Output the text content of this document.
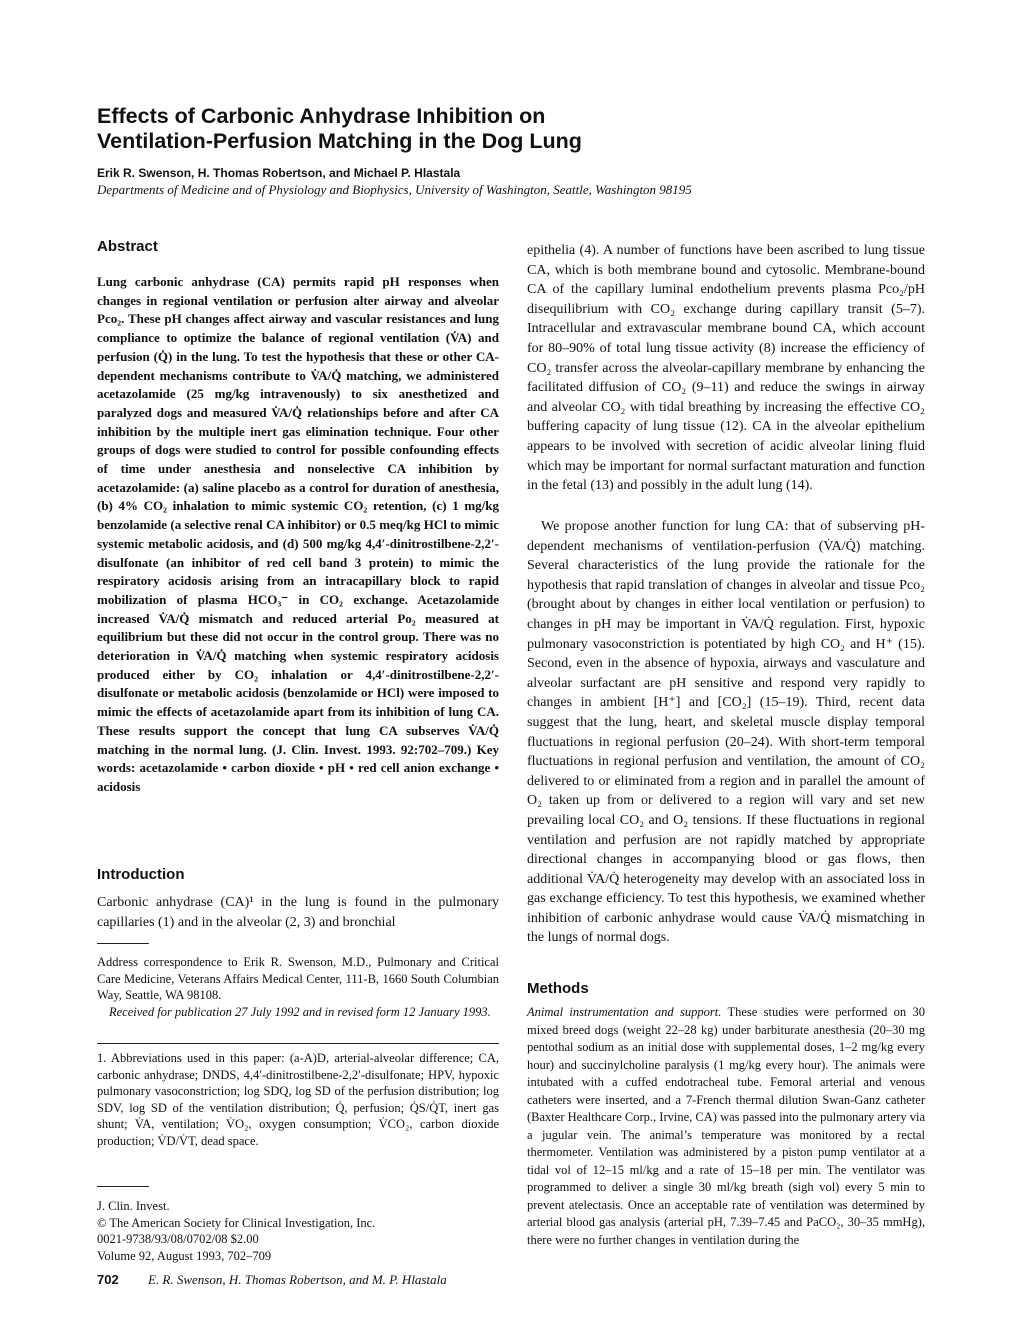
Effects of Carbonic Anhydrase Inhibition on
Ventilation-Perfusion Matching in the Dog Lung

Erik R. Swenson, H. Thomas Robertson, and Michael P. Hlastala

Departments of Medicine and of Physiology and Biophysics, University of Washington, Seattle, Washington 98195

Abstract

Lung carbonic anhydrase (CA) permits rapid pH responses when changes in regional ventilation or perfusion alter airway and alveolar Pco₂. These pH changes affect airway and vascular resistances and lung compliance to optimize the balance of regional ventilation (V̇A) and perfusion (Q̇) in the lung. To test the hypothesis that these or other CA-dependent mechanisms contribute to V̇A/Q̇ matching, we administered acetazolamide (25 mg/kg intravenously) to six anesthetized and paralyzed dogs and measured V̇A/Q̇ relationships before and after CA inhibition by the multiple inert gas elimination technique. Four other groups of dogs were studied to control for possible confounding effects of time under anesthesia and nonselective CA inhibition by acetazolamide: (a) saline placebo as a control for duration of anesthesia, (b) 4% CO₂ inhalation to mimic systemic CO₂ retention, (c) 1 mg/kg benzolamide (a selective renal CA inhibitor) or 0.5 meq/kg HCl to mimic systemic metabolic acidosis, and (d) 500 mg/kg 4,4′-dinitrostilbene-2,2′-disulfonate (an inhibitor of red cell band 3 protein) to mimic the respiratory acidosis arising from an intracapillary block to rapid mobilization of plasma HCO₃⁻ in CO₂ exchange. Acetazolamide increased V̇A/Q̇ mismatch and reduced arterial Po₂ measured at equilibrium but these did not occur in the control group. There was no deterioration in V̇A/Q̇ matching when systemic respiratory acidosis produced either by CO₂ inhalation or 4,4′-dinitrostilbene-2,2′-disulfonate or metabolic acidosis (benzolamide or HCl) were imposed to mimic the effects of acetazolamide apart from its inhibition of lung CA. These results support the concept that lung CA subserves V̇A/Q̇ matching in the normal lung. (J. Clin. Invest. 1993. 92:702–709.) Key words: acetazolamide • carbon dioxide • pH • red cell anion exchange • acidosis

Introduction

Carbonic anhydrase (CA)¹ in the lung is found in the pulmonary capillaries (1) and in the alveolar (2, 3) and bronchial

Address correspondence to Erik R. Swenson, M.D., Pulmonary and Critical Care Medicine, Veterans Affairs Medical Center, 111-B, 1660 South Columbian Way, Seattle, WA 98108.

Received for publication 27 July 1992 and in revised form 12 January 1993.

1. Abbreviations used in this paper: (a-A)D, arterial-alveolar difference; CA, carbonic anhydrase; DNDS, 4,4′-dinitrostilbene-2,2′-disulfonate; HPV, hypoxic pulmonary vasoconstriction; log SDQ, log SD of the perfusion distribution; log SDV, log SD of the ventilation distribution; Q̇, perfusion; Q̇S/Q̇T, inert gas shunt; V̇A, ventilation; V̇O₂, oxygen consumption; V̇CO₂, carbon dioxide production; V̇D/V̇T, dead space.

J. Clin. Invest.
© The American Society for Clinical Investigation, Inc.
0021-9738/93/08/0702/08 $2.00
Volume 92, August 1993, 702–709
702 E. R. Swenson, H. Thomas Robertson, and M. P. Hlastala

epithelia (4). A number of functions have been ascribed to lung tissue CA, which is both membrane bound and cytosolic. Membrane-bound CA of the capillary luminal endothelium prevents plasma Pco₂/pH disequilibrium with CO₂ exchange during capillary transit (5–7). Intracellular and extravascular membrane bound CA, which account for 80–90% of total lung tissue activity (8) increase the efficiency of CO₂ transfer across the alveolar-capillary membrane by enhancing the facilitated diffusion of CO₂ (9–11) and reduce the swings in airway and alveolar CO₂ with tidal breathing by increasing the effective CO₂ buffering capacity of lung tissue (12). CA in the alveolar epithelium appears to be involved with secretion of acidic alveolar lining fluid which may be important for normal surfactant maturation and function in the fetal (13) and possibly in the adult lung (14).

We propose another function for lung CA: that of subserving pH-dependent mechanisms of ventilation-perfusion (V̇A/Q̇) matching. Several characteristics of the lung provide the rationale for the hypothesis that rapid translation of changes in alveolar and tissue Pco₂ (brought about by changes in either local ventilation or perfusion) to changes in pH may be important in V̇A/Q̇ regulation. First, hypoxic pulmonary vasoconstriction is potentiated by high CO₂ and H⁺ (15). Second, even in the absence of hypoxia, airways and vasculature and alveolar surfactant are pH sensitive and respond very rapidly to changes in ambient [H⁺] and [CO₂] (15–19). Third, recent data suggest that the lung, heart, and skeletal muscle display temporal fluctuations in regional perfusion (20–24). With short-term temporal fluctuations in regional perfusion and ventilation, the amount of CO₂ delivered to or eliminated from a region and in parallel the amount of O₂ taken up from or delivered to a region will vary and set new prevailing local CO₂ and O₂ tensions. If these fluctuations in regional ventilation and perfusion are not rapidly matched by appropriate directional changes in accompanying blood or gas flows, then additional V̇A/Q̇ heterogeneity may develop with an associated loss in gas exchange efficiency. To test this hypothesis, we examined whether inhibition of carbonic anhydrase would cause V̇A/Q̇ mismatching in the lungs of normal dogs.

Methods

Animal instrumentation and support. These studies were performed on 30 mixed breed dogs (weight 22–28 kg) under barbiturate anesthesia (20–30 mg pentothal sodium as an initial dose with supplemental doses, 1–2 mg/kg every hour) and succinylcholine paralysis (1 mg/kg every hour). The animals were intubated with a cuffed endotracheal tube. Femoral arterial and venous catheters were inserted, and a 7-French thermal dilution Swan-Ganz catheter (Baxter Healthcare Corp., Irvine, CA) was passed into the pulmonary artery via a jugular vein. The animal’s temperature was monitored by a rectal thermometer. Ventilation was administered by a piston pump ventilator at a tidal vol of 12–15 ml/kg and a rate of 15–18 per min. The ventilator was programmed to deliver a single 30 ml/kg breath (sigh vol) every 5 min to prevent atelectasis. Once an acceptable rate of ventilation was determined by arterial blood gas analysis (arterial pH, 7.39–7.45 and PaCO₂, 30–35 mmHg), there were no further changes in ventilation during the
